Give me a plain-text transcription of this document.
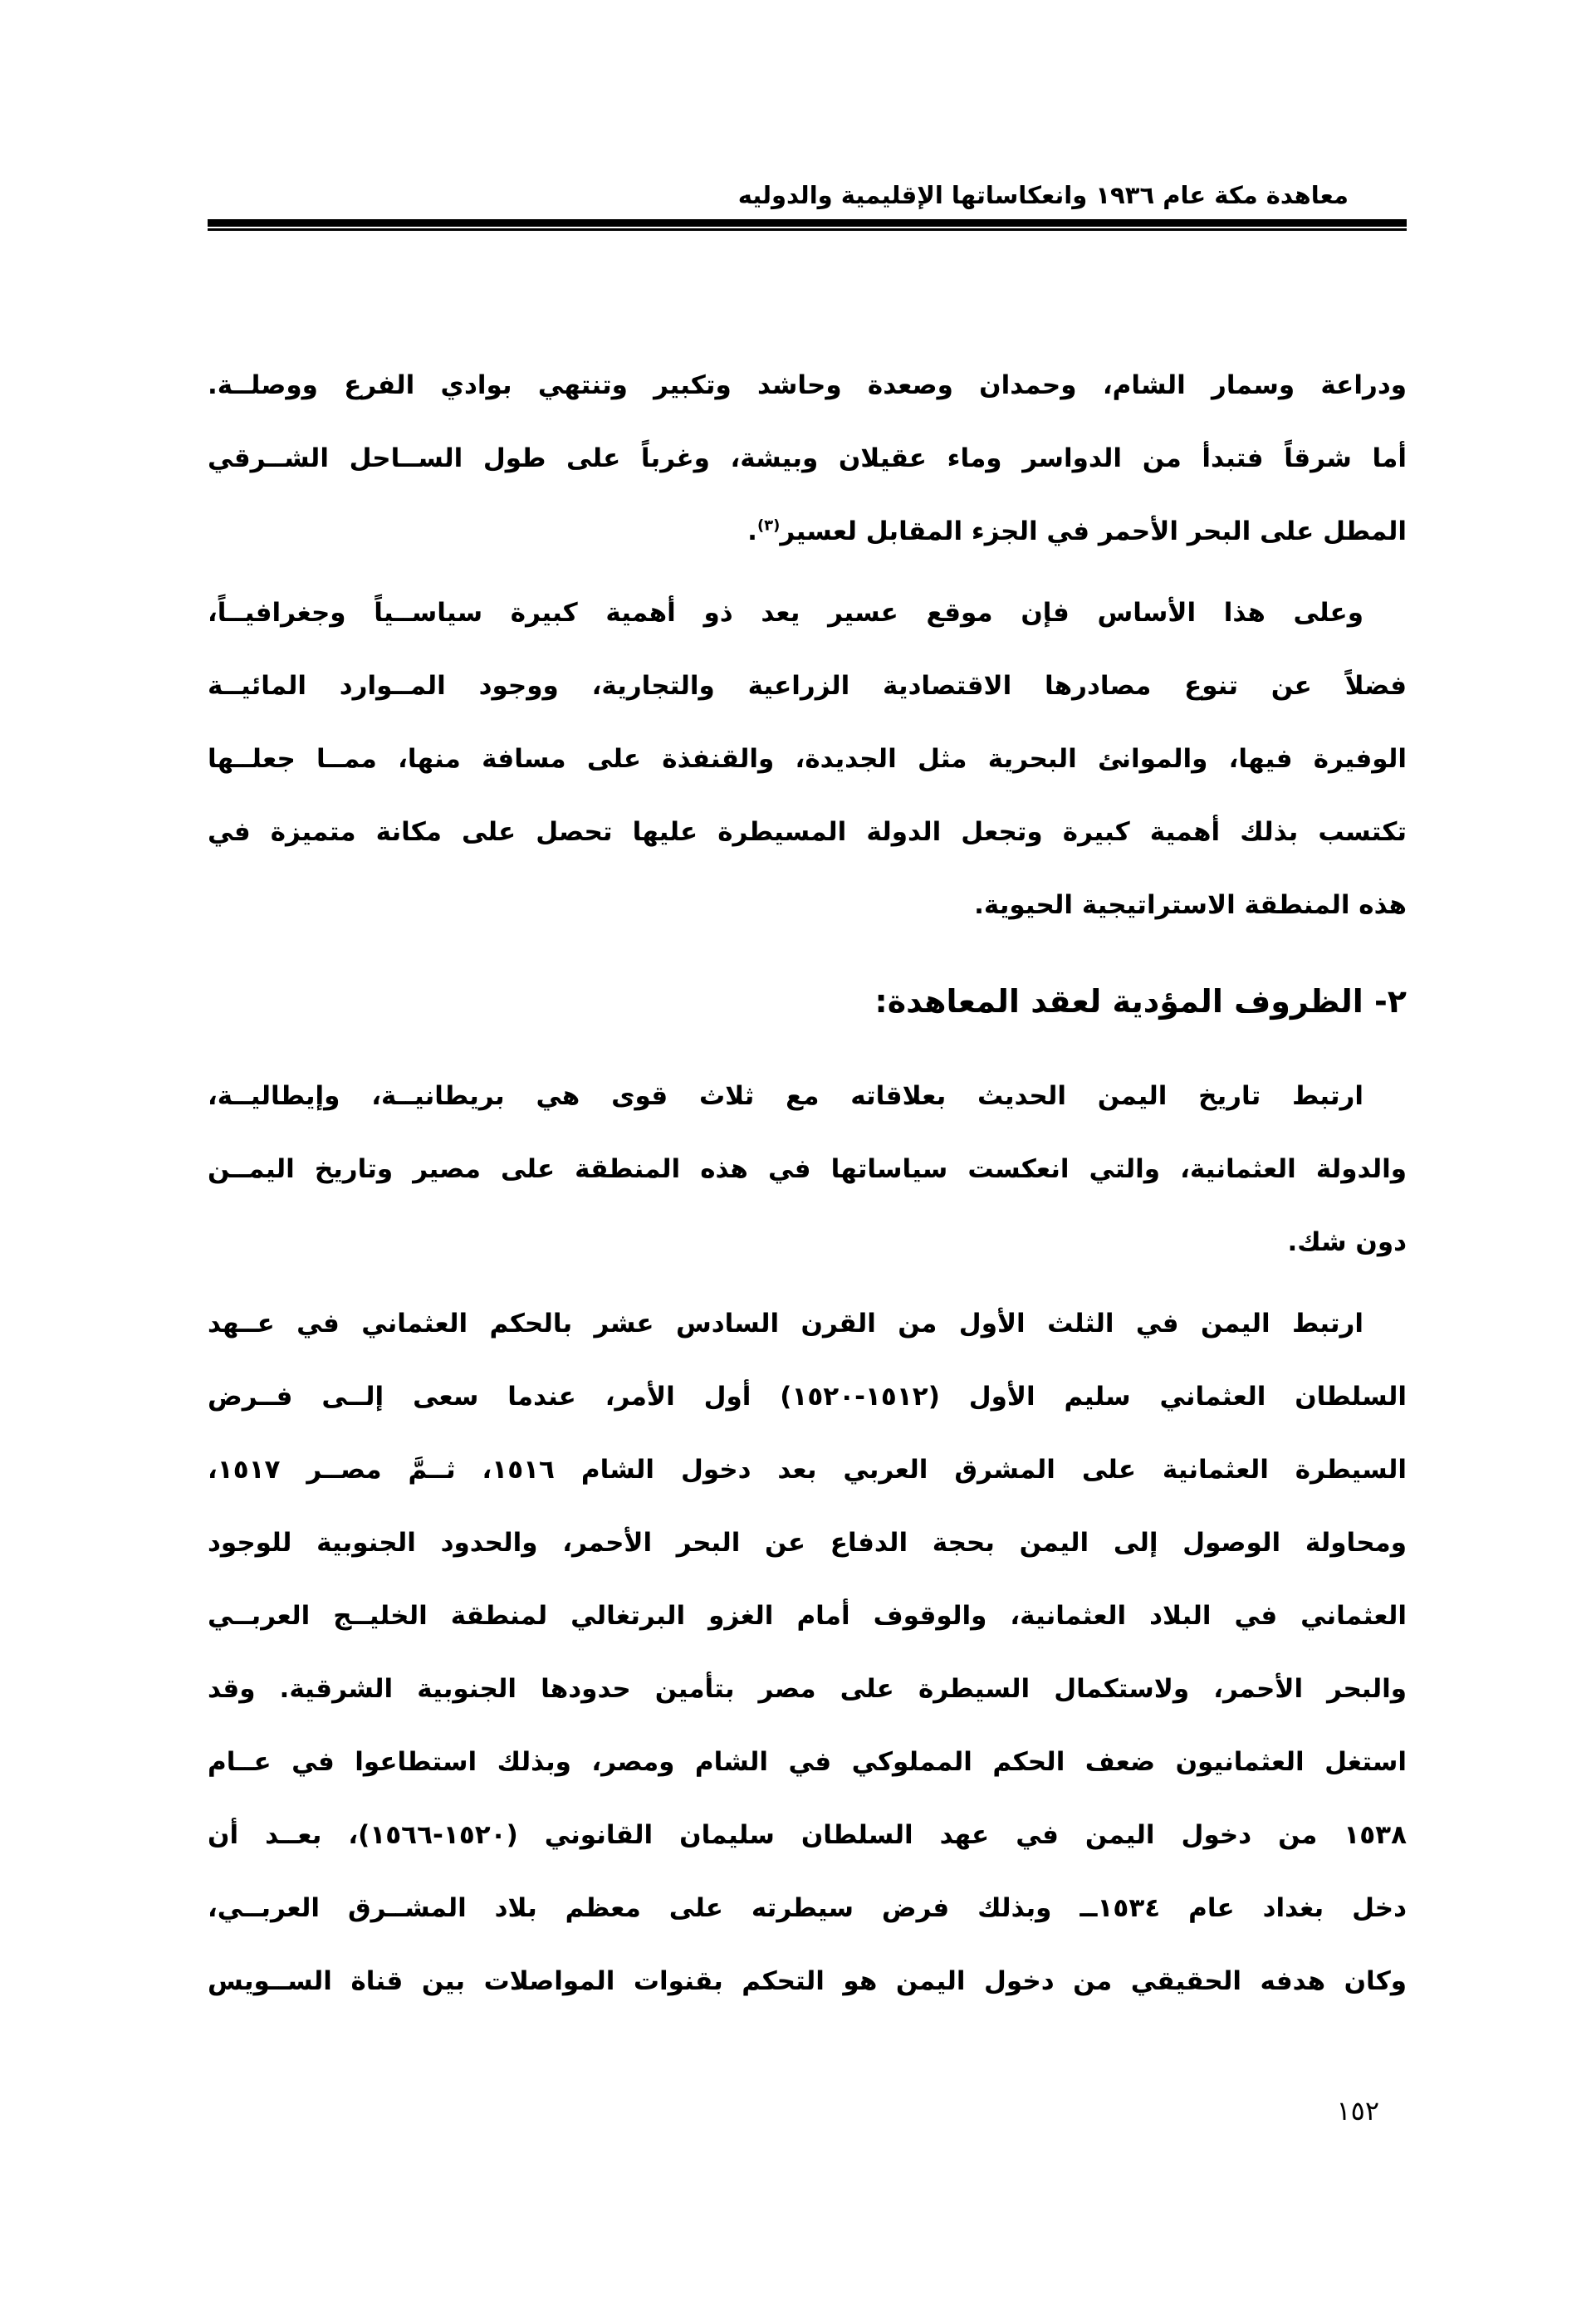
معاهدة مكة عام ١٩٣٦ وانعكاساتها الإقليمية والدوليه
ودراعة وسمار الشام، وحمدان وصعدة وحاشد وتكبير وتنتهي بوادي الفرع ووصلــة.
أما شرقاً فتبدأ من الدواسر وماء عقيلان وبيشة، وغرباً على طول الســاحل الشــرقي
المطل على البحر الأحمر في الجزء المقابل لعسير$^{(٣)}$.
وعلى هذا الأساس فإن موقع عسير يعد ذو أهمية كبيرة سياســياً وجغرافيــاً،
فضلاً عن تنوع مصادرها الاقتصادية الزراعية والتجارية، ووجود المــوارد المائيــة
الوفيرة فيها، والموانئ البحرية مثل الجديدة، والقنفذة على مسافة منها، ممــا جعلــها
تكتسب بذلك أهمية كبيرة وتجعل الدولة المسيطرة عليها تحصل على مكانة متميزة في
هذه المنطقة الاستراتيجية الحيوية.
٢- الظروف المؤدية لعقد المعاهدة:
ارتبط تاريخ اليمن الحديث بعلاقاته مع ثلاث قوى هي بريطانيــة، وإيطاليــة،
والدولة العثمانية، والتي انعكست سياساتها في هذه المنطقة على مصير وتاريخ اليمــن
دون شك.
ارتبط اليمن في الثلث الأول من القرن السادس عشر بالحكم العثماني في عــهد
السلطان العثماني سليم الأول (١٥١٢-١٥٢٠) أول الأمر، عندما سعى إلــى فــرض
السيطرة العثمانية على المشرق العربي بعد دخول الشام ١٥١٦، ثــمَّ مصــر ١٥١٧،
ومحاولة الوصول إلى اليمن بحجة الدفاع عن البحر الأحمر، والحدود الجنوبية للوجود
العثماني في البلاد العثمانية، والوقوف أمام الغزو البرتغالي لمنطقة الخليــج العربــي
والبحر الأحمر، ولاستكمال السيطرة على مصر بتأمين حدودها الجنوبية الشرقية. وقد
استغل العثمانيون ضعف الحكم المملوكي في الشام ومصر، وبذلك استطاعوا في عــام
١٥٣٨ من دخول اليمن في عهد السلطان سليمان القانوني (١٥٢٠-١٥٦٦)، بعــد أن
دخل بغداد عام ١٥٣٤ــ وبذلك فرض سيطرته على معظم بلاد المشــرق العربــي،
وكان هدفه الحقيقي من دخول اليمن هو التحكم بقنوات المواصلات بين قناة الســويس
١٥٢
